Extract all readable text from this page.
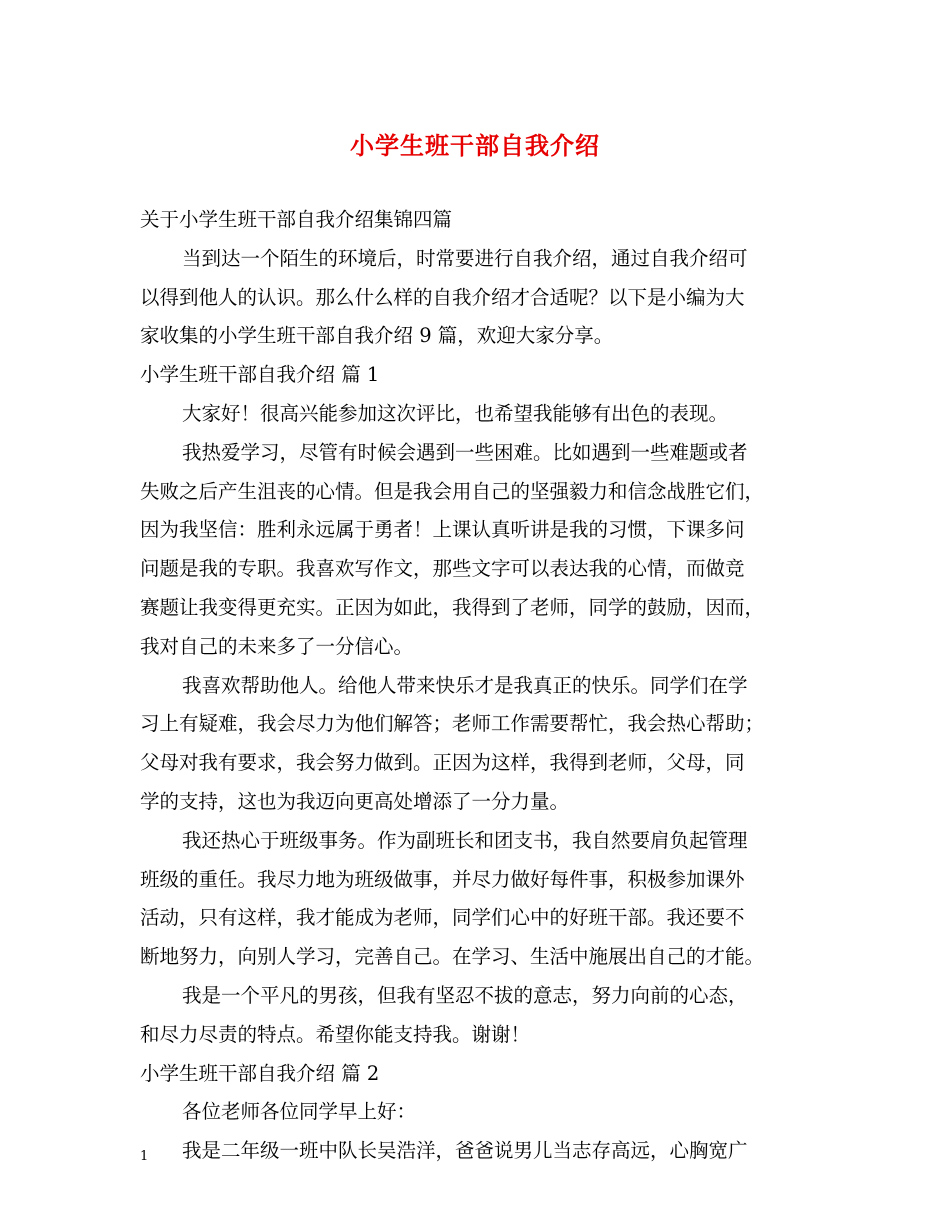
小学生班干部自我介绍
关于小学生班干部自我介绍集锦四篇
当到达一个陌生的环境后，时常要进行自我介绍，通过自我介绍可
以得到他人的认识。那么什么样的自我介绍才合适呢？以下是小编为大
家收集的小学生班干部自我介绍 9 篇，欢迎大家分享。
小学生班干部自我介绍 篇 1
大家好！很高兴能参加这次评比，也希望我能够有出色的表现。
我热爱学习，尽管有时候会遇到一些困难。比如遇到一些难题或者
失败之后产生沮丧的心情。但是我会用自己的坚强毅力和信念战胜它们，
因为我坚信：胜利永远属于勇者！上课认真听讲是我的习惯，下课多问
问题是我的专职。我喜欢写作文，那些文字可以表达我的心情，而做竞
赛题让我变得更充实。正因为如此，我得到了老师，同学的鼓励，因而，
我对自己的未来多了一分信心。
我喜欢帮助他人。给他人带来快乐才是我真正的快乐。同学们在学
习上有疑难，我会尽力为他们解答；老师工作需要帮忙，我会热心帮助；
父母对我有要求，我会努力做到。正因为这样，我得到老师，父母，同
学的支持，这也为我迈向更高处增添了一分力量。
我还热心于班级事务。作为副班长和团支书，我自然要肩负起管理
班级的重任。我尽力地为班级做事，并尽力做好每件事，积极参加课外
活动，只有这样，我才能成为老师，同学们心中的好班干部。我还要不
断地努力，向别人学习，完善自己。在学习、生活中施展出自己的才能。
我是一个平凡的男孩，但我有坚忍不拔的意志，努力向前的心态，
和尽力尽责的特点。希望你能支持我。谢谢！
小学生班干部自我介绍 篇 2
各位老师各位同学早上好：
我是二年级一班中队长吴浩洋，爸爸说男儿当志存高远，心胸宽广
1
